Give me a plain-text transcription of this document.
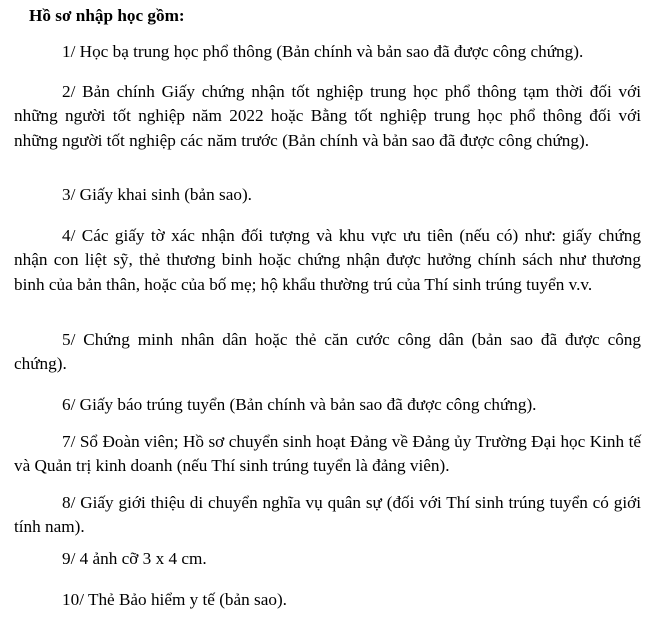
Hồ sơ nhập học gồm:

1/ Học bạ trung học phổ thông (Bản chính và bản sao đã được công chứng).

2/ Bản chính Giấy chứng nhận tốt nghiệp trung học phổ thông tạm thời đối với những người tốt nghiệp năm 2022 hoặc Bằng tốt nghiệp trung học phổ thông đối với những người tốt nghiệp các năm trước (Bản chính và bản sao đã được công chứng).

3/ Giấy khai sinh (bản sao).

4/ Các giấy tờ xác nhận đối tượng và khu vực ưu tiên (nếu có) như: giấy chứng nhận con liệt sỹ, thẻ thương binh hoặc chứng nhận được hưởng chính sách như thương binh của bản thân, hoặc của bố mẹ; hộ khẩu thường trú của Thí sinh trúng tuyển v.v.

5/ Chứng minh nhân dân hoặc thẻ căn cước công dân (bản sao đã được công chứng).

6/ Giấy báo trúng tuyển (Bản chính và bản sao đã được công chứng).

7/ Sổ Đoàn viên; Hồ sơ chuyển sinh hoạt Đảng về Đảng ủy Trường Đại học Kinh tế và Quản trị kinh doanh (nếu Thí sinh trúng tuyển là đảng viên).

8/ Giấy giới thiệu di chuyển nghĩa vụ quân sự (đối với Thí sinh trúng tuyển có giới tính nam).

9/ 4 ảnh cỡ 3 x 4 cm.

10/ Thẻ Bảo hiểm y tế (bản sao).
